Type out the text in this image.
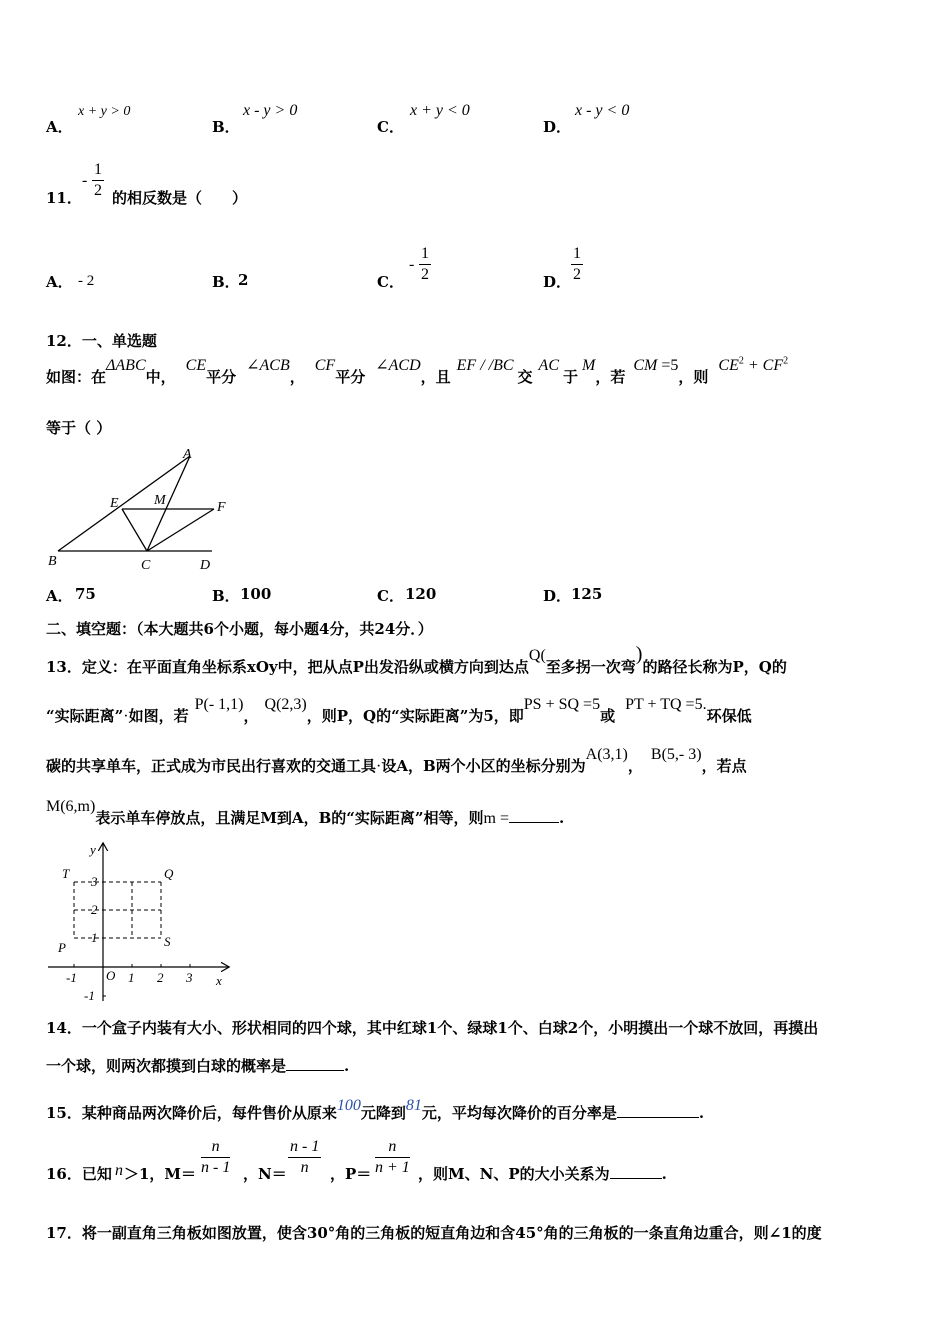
A．
x + y > 0
B．
x - y > 0
C．
x + y < 0
D．
x - y < 0
11．
- $\frac{1}{2}$ 的相反数是（　　）
A． - 2	B．
2	C．
- $\frac{1}{2}$	D． $\frac{1}{2}$
12．一、单选题
如图：在ΔABC中，CE平分∠ACB，CF平分∠ACD，且EF / /BC交AC于M，若CM =5，则$CE^2 + CF^2$
等于（ ）
A
B	C	D
E	F
M
A． 75	B． 100	C． 120	D． 125
二、填空题：（本大题共6个小题，每小题4分，共24分．）
13．定义：在平面直角坐标系xOy中，把从点P出发沿纵或横方向到达点Q(至多拐一次弯)的路径长称为P，Q的
“实际距离”·如图，若P(- 1,1)，Q(2,3)，则P，Q的“实际距离”为5，即PS + SQ =5或PT + TQ =5.环保低
碳的共享单车，正式成为市民出行喜欢的交通工具·设A，B两个小区的坐标分别为A(3,1)，B(5,- 3)，若点
M(6,m)表示单车停放点，且满足M到A，B的“实际距离”相等，则m =	.
y
x
O
T	Q
P	S
-1	1 2 3
1
2
3
-1
14．一个盒子内装有大小、形状相同的四个球，其中红球1个、绿球1个、白球2个，小明摸出一个球不放回，再摸出
一个球，则两次都摸到白球的概率是	.
15．某种商品两次降价后，每件售价从原来100元降到81元，平均每次降价的百分率是	.
16．已知 n ＞1，$M= \frac{n}{n - 1}$ ，$N= \frac{n - 1}{n}$ ，$P= \frac{n}{n + 1}$ ，则M、N、P的大小关系为	.
17．将一副直角三角板如图放置，使含30°角的三角板的短直角边和含45°角的三角板的一条直角边重合，则∠1的度
